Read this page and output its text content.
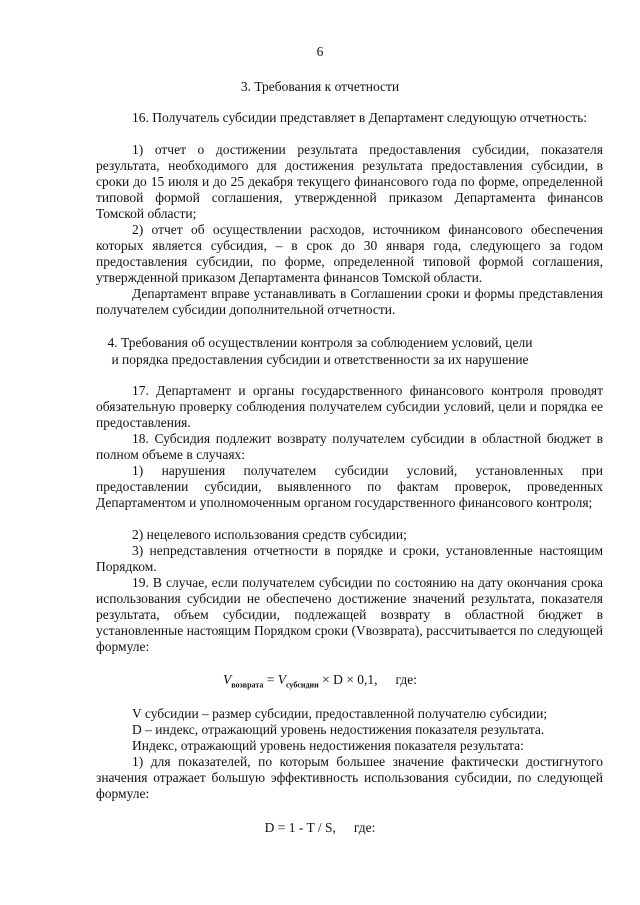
6
3. Требования к отчетности
16. Получатель субсидии представляет в Департамент следующую отчетность:
1) отчет о достижении результата предоставления субсидии, показателя результата, необходимого для достижения результата предоставления субсидии, в сроки до 15 июля и до 25 декабря текущего финансового года по форме, определенной типовой формой соглашения, утвержденной приказом Департамента финансов Томской области;
2) отчет об осуществлении расходов, источником финансового обеспечения которых является субсидия, – в срок до 30 января года, следующего за годом предоставления субсидии, по форме, определенной типовой формой соглашения, утвержденной приказом Департамента финансов Томской области.
Департамент вправе устанавливать в Соглашении сроки и формы представления получателем субсидии дополнительной отчетности.
4. Требования об осуществлении контроля за соблюдением условий, цели
и порядка предоставления субсидии и ответственности за их нарушение
17. Департамент и органы государственного финансового контроля проводят обязательную проверку соблюдения получателем субсидии условий, цели и порядка ее предоставления.
18. Субсидия подлежит возврату получателем субсидии в областной бюджет в полном объеме в случаях:
1) нарушения получателем субсидии условий, установленных при предоставлении субсидии, выявленного по фактам проверок, проведенных Департаментом и уполномоченным органом государственного финансового контроля;
2) нецелевого использования средств субсидии;
3) непредставления отчетности в порядке и сроки, установленные настоящим Порядком.
19. В случае, если получателем субсидии по состоянию на дату окончания срока использования субсидии не обеспечено достижение значений результата, показателя результата, объем субсидии, подлежащей возврату в областной бюджет в установленные настоящим Порядком сроки (Vвозврата), рассчитывается по следующей формуле:
$V_{возврата} = V_{субсидии} \times D \times 0,1$, где:
V субсидии – размер субсидии, предоставленной получателю субсидии;
D – индекс, отражающий уровень недостижения показателя результата.
Индекс, отражающий уровень недостижения показателя результата:
1) для показателей, по которым большее значение фактически достигнутого значения отражает большую эффективность использования субсидии, по следующей формуле:
D = 1 - T / S, где:
